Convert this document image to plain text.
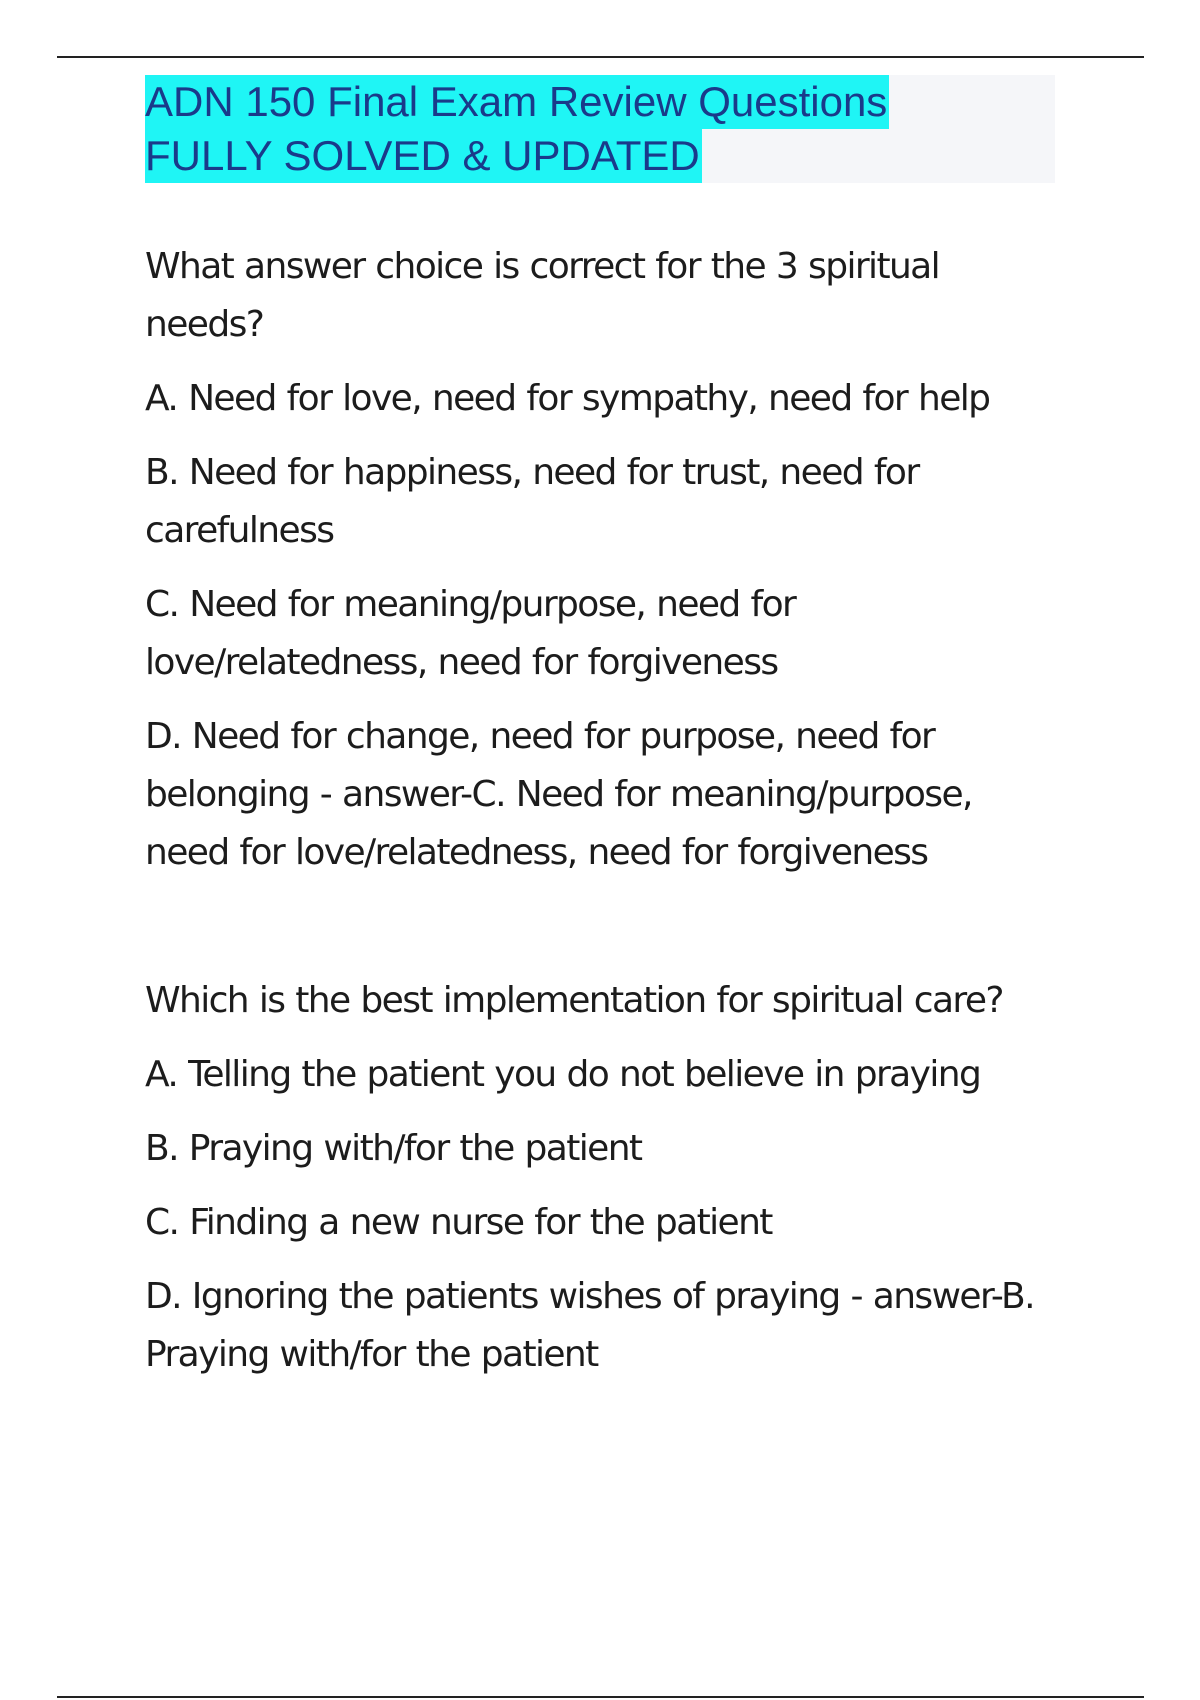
ADN 150 Final Exam Review Questions
FULLY SOLVED & UPDATED

What answer choice is correct for the 3 spiritual needs?

A. Need for love, need for sympathy, need for help

B. Need for happiness, need for trust, need for carefulness

C. Need for meaning/purpose, need for love/relatedness, need for forgiveness

D. Need for change, need for purpose, need for belonging - answer-C. Need for meaning/purpose, need for love/relatedness, need for forgiveness

Which is the best implementation for spiritual care?

A. Telling the patient you do not believe in praying

B. Praying with/for the patient

C. Finding a new nurse for the patient

D. Ignoring the patients wishes of praying - answer-B. Praying with/for the patient
